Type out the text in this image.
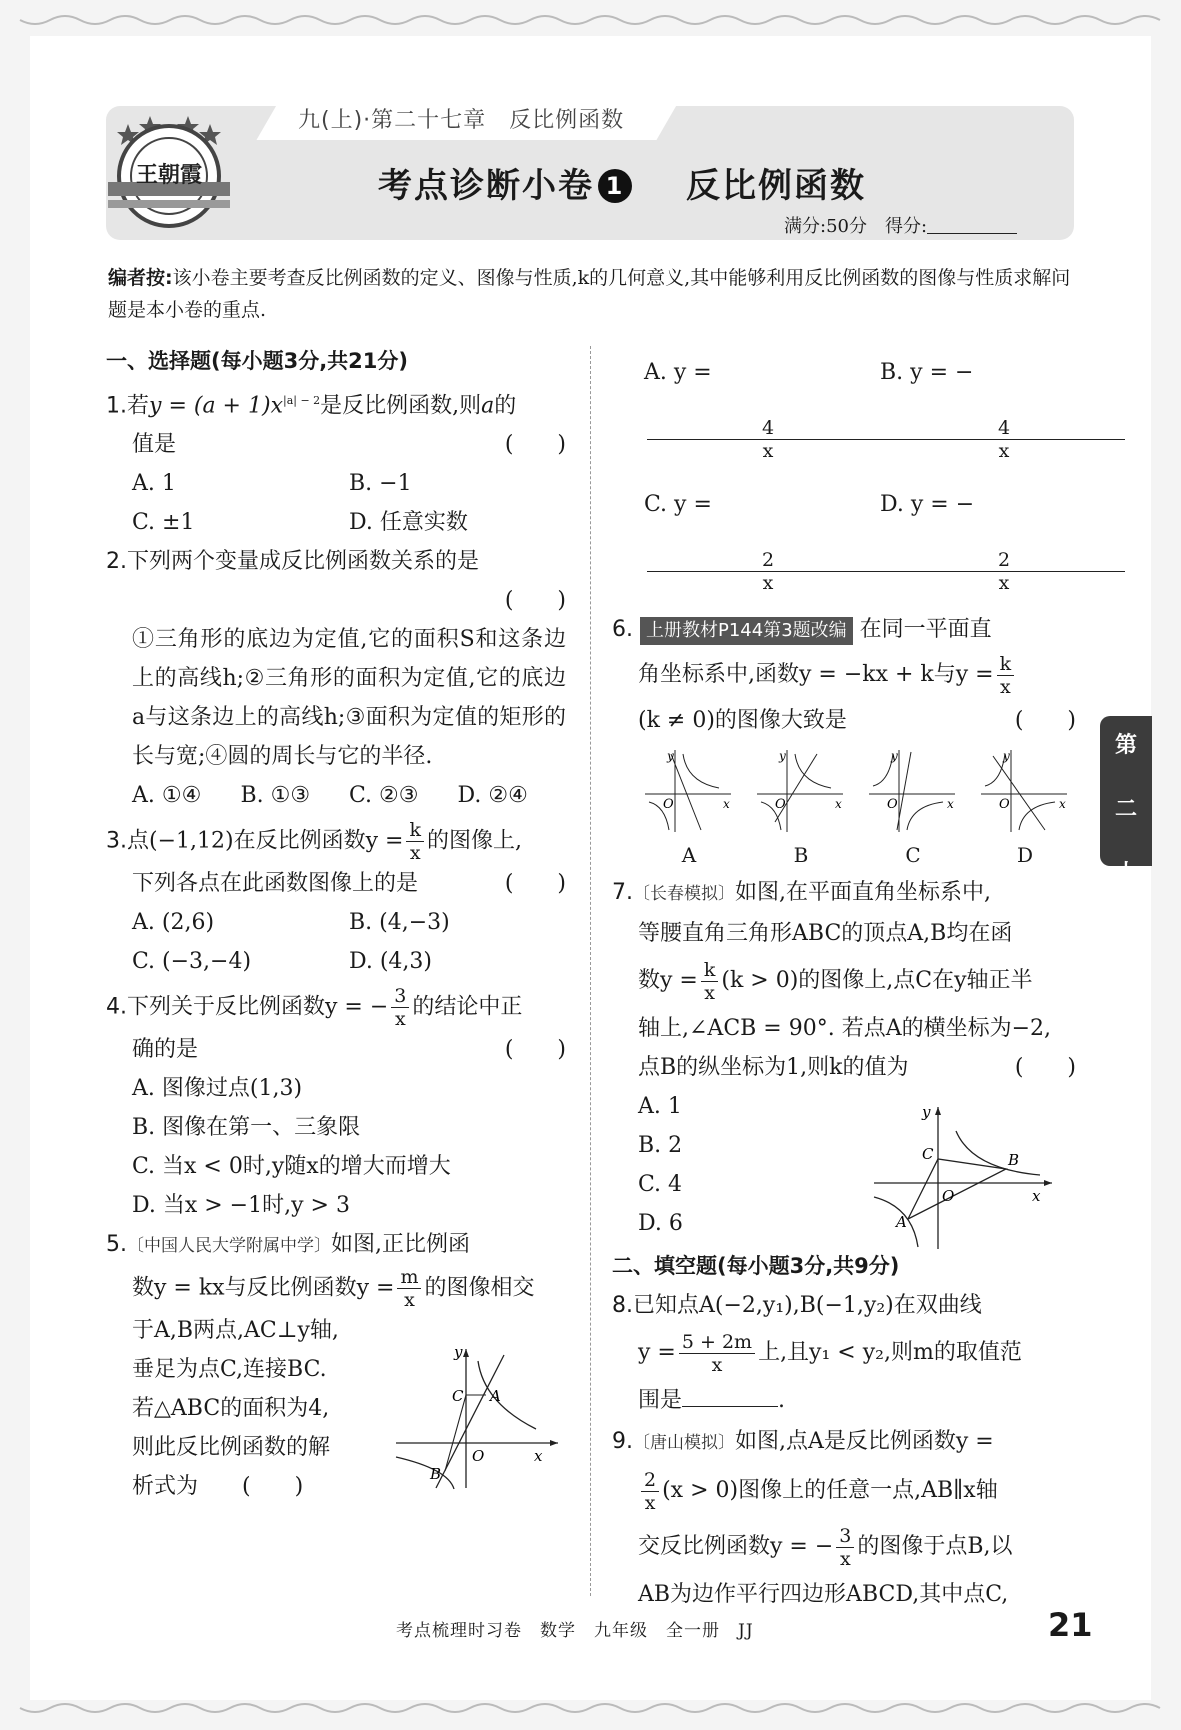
九(上)·第二十七章　反比例函数
王朝霞	考点诊断小卷 1 反比例函数
满分:50分　得分:
编者按:该小卷主要考查反比例函数的定义、图像与性质,k的几何意义,其中能够利用反比例函数的图像与性质求解问题是本小卷的重点.
一、选择题(每小题3分,共21分)
1.若$y = (a + 1)x^{|a| - 2}$是反比例函数,则a的
值是	(　　)
A. 1	B. −1
C. ±1	D. 任意实数
2.下列两个变量成反比例函数关系的是
(　　)
①三角形的底边为定值,它的面积S和这条边上的高线h;②三角形的面积为定值,它的底边a与这条边上的高线h;③面积为定值的矩形的长与宽;④圆的周长与它的半径.
A. ①④	B. ①③	C. ②③	D. ②④
3.点(−1,12)在反比例函数$y = \frac{k}{x}$ 的图像上,
下列各点在此函数图像上的是	(　　)
A. (2,6)	B. (4,−3)
C. (−3,−4)	D. (4,3)
4.下列关于反比例函数y = − $\frac{3}{x}$ 的结论中正
确的是	(　　)
A. 图像过点(1,3)
B. 图像在第一、三象限
C. 当x < 0时,y随x的增大而增大
D. 当x > −1时,y > 3
5.〔中国人民大学附属中学〕如图,正比例函
数y = kx与反比例函数$y = \frac{m}{x}$ 的图像相交
于A,B两点,AC⊥y轴,
垂足为点C,连接BC.
若△ABC的面积为4,
则此反比例函数的解
析式为 (　　)
y
C A
O	x
B
A. y =
$\frac{4}{x}$
B. y = −
$\frac{4}{x}$
C. y =
$\frac{2}{x}$
D. y = −
$\frac{2}{x}$
6. 上册教材P144第3题改编 在同一平面直
角坐标系中,函数y = −kx + k与$y = \frac{k}{x}$
(k ≠ 0)的图像大致是	(　　)
y
O	x
A
y
O	x
B
y
O	x
C
y
O	x
D
7.〔长春模拟〕如图,在平面直角坐标系中,
等腰直角三角形ABC的顶点A,B均在函
数$y = \frac{k}{x} (k > 0)$的图像上,点C在y轴正半
轴上,∠ACB = 90°. 若点A的横坐标为−2,
点B的纵坐标为1,则k的值为	(　　)
A. 1
B. 2
C. 4
D. 6
y
C	B
O	x
A
二、填空题(每小题3分,共9分)
8.已知点A(−2,y₁),B(−1,y₂)在双曲线
$y = \frac{5 + 2m}{x}$ 上,且y₁ < y₂,则m的取值范
围是	.
9.〔唐山模拟〕如图,点A是反比例函数y =
$\frac{2}{x} (x > 0)$图像上的任意一点,AB∥x轴
交反比例函数y = − $\frac{3}{x}$ 的图像于点B,以
AB为边作平行四边形ABCD,其中点C,
第

二

十

七

章
考点梳理时习卷　数学　九年级　全一册　JJ	21
